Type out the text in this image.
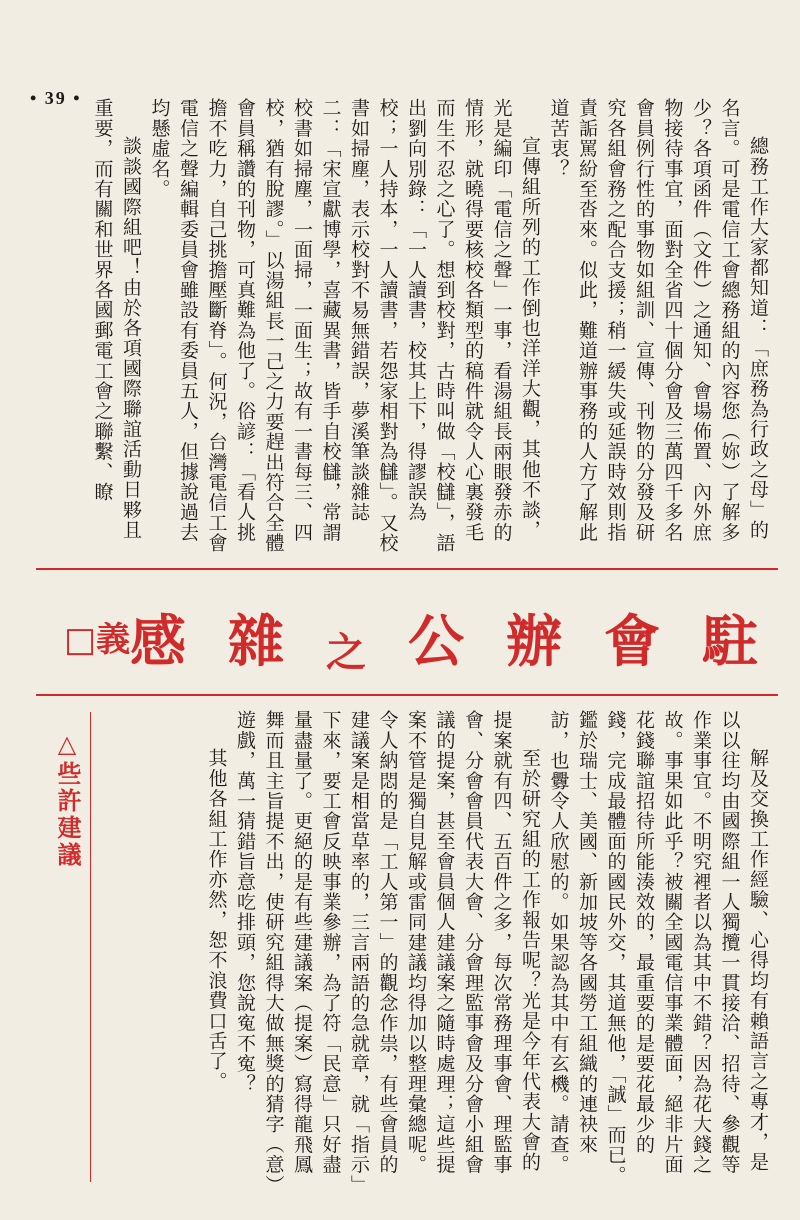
• 39 •

總務工作大家都知道：「庶務為行政之母」的名言。可是電信工會總務組的內容您（妳）了解多少？各項函件（文件）之通知、會場佈置、內外庶物接待事宜，面對全省四十個分會及三萬四千多名會員例行性的事物如組訓、宣傳、刊物的分發及研究各組會務之配合支援；稍一緩失或延誤時效則指責詬罵紛至沓來。似此，難道辦事務的人方了解此道苦衷？

宣傳組所列的工作倒也洋洋大觀，其他不談，光是編印「電信之聲」一事，看湯組長兩眼發赤的情形，就曉得要核校各類型的稿件就令人心裏發毛而生不忍之心了。想到校對，古時叫做「校讎」，語出劉向別錄：「一人讀書，校其上下，得謬誤為校；一人持本，一人讀書，若怨家相對為讎」。又校書如掃塵，表示校對不易無錯誤，夢溪筆談雜誌二：「宋宣獻博學，喜藏異書，皆手自校讎，常謂校書如掃塵，一面掃，一面生；故有一書每三、四校，猶有脫謬。」以湯組長一己之力要趕出符合全體會員稱讚的刊物，可真難為他了。俗諺：「看人挑擔不吃力，自己挑擔壓斷脊」。何況，台灣電信工會電信之聲編輯委員會雖設有委員五人，但據說過去均懸虛名。

談談國際組吧！由於各項國際聯誼活動日夥且重要，而有關和世界各國郵電工會之聯繫、瞭

□義	駐
會
辦
公
之
雜
感

解及交換工作經驗、心得均有賴語言之專才，是以以往均由國際組一人獨攬一貫接洽、招待、參觀等作業事宜。不明究裡者以為其中不錯？因為花大錢之故。事果如此乎？被關全國電信事業體面，絕非片面花錢聯誼招待所能湊效的，最重要的是要花最少的錢，完成最體面的國民外交，其道無他，「誠」而已。鑑於瑞士、美國、新加坡等各國勞工組織的連袂來訪，也釁令人欣慰的。如果認為其中有玄機。請查。

至於研究組的工作報告呢？光是今年代表大會的提案就有四、五百件之多，每次常務理事會、理監事會、分會會員代表大會、分會理監事會及分會小組會議的提案，甚至會員個人建議案之隨時處理；這些提案不管是獨自見解或雷同建議均得加以整理彙總呢。令人納悶的是「工人第一」的觀念作祟，有些會員的建議案是相當草率的，三言兩語的急就章，就「指示」下來，要工會反映事業參辦，為了符「民意」只好盡量盡量了。更絕的是有些建議案（提案）寫得龍飛鳳舞而且主旨提不出，使研究組得大做無獎的猜字（意）遊戲，萬一猜錯旨意吃排頭，您說寃不寃？

其他各組工作亦然，恕不浪費口舌了。

△些許建議
